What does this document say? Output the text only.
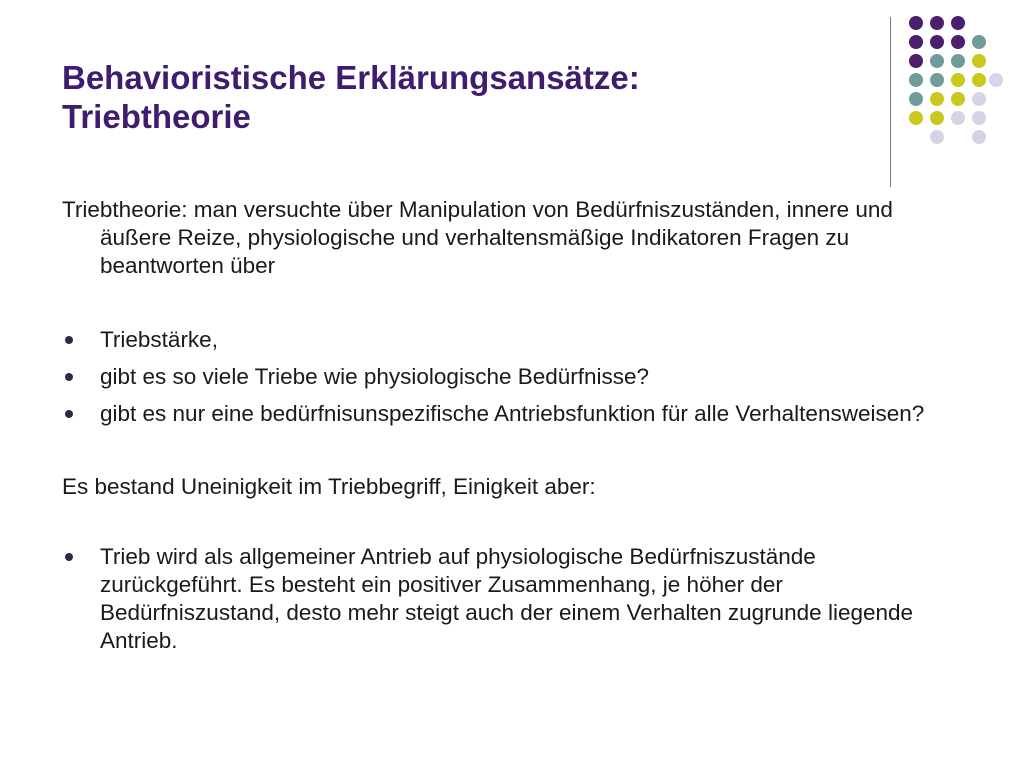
Behavioristische Erklärungsansätze:
Triebtheorie

Triebtheorie: man versuchte über Manipulation von Bedürfniszuständen, innere und äußere Reize, physiologische und verhaltensmäßige Indikatoren Fragen zu beantworten über

Triebstärke,
gibt es so viele Triebe wie physiologische Bedürfnisse?
gibt es nur eine bedürfnisunspezifische Antriebsfunktion für alle Verhaltensweisen?

Es bestand Uneinigkeit im Triebbegriff, Einigkeit aber:

Trieb wird als allgemeiner Antrieb auf physiologische Bedürfniszustände zurückgeführt. Es besteht ein positiver Zusammenhang, je höher der Bedürfniszustand, desto mehr steigt auch der einem Verhalten zugrunde liegende Antrieb.
